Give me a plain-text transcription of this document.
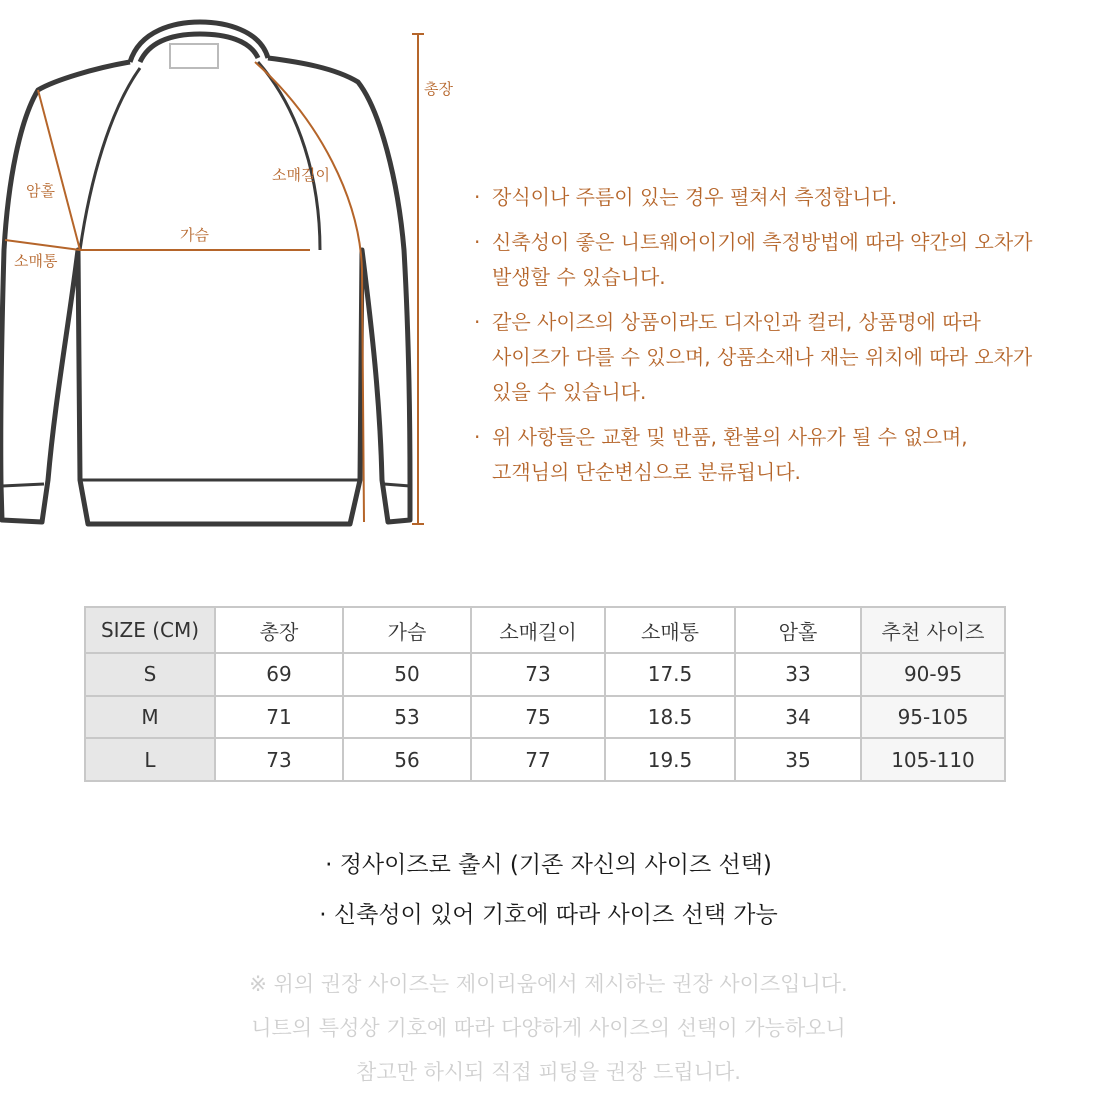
총장
소매길이
암홀
가슴
소매통
· 장식이나 주름이 있는 경우 펼쳐서 측정합니다.
· 신축성이 좋은 니트웨어이기에 측정방법에 따라 약간의 오차가
발생할 수 있습니다.
· 같은 사이즈의 상품이라도 디자인과 컬러, 상품명에 따라
사이즈가 다를 수 있으며, 상품소재나 재는 위치에 따라 오차가
있을 수 있습니다.
· 위 사항들은 교환 및 반품, 환불의 사유가 될 수 없으며,
고객님의 단순변심으로 분류됩니다.
SIZE (CM)	총장	가슴	소매길이	소매통	암홀	추천 사이즈
S	69	50	73	17.5	33	90-95
M	71	53	75	18.5	34	95-105
L	73	56	77	19.5	35	105-110
· 정사이즈로 출시 (기존 자신의 사이즈 선택)
· 신축성이 있어 기호에 따라 사이즈 선택 가능
※ 위의 권장 사이즈는 제이리움에서 제시하는 권장 사이즈입니다.
니트의 특성상 기호에 따라 다양하게 사이즈의 선택이 가능하오니
참고만 하시되 직접 피팅을 권장 드립니다.
